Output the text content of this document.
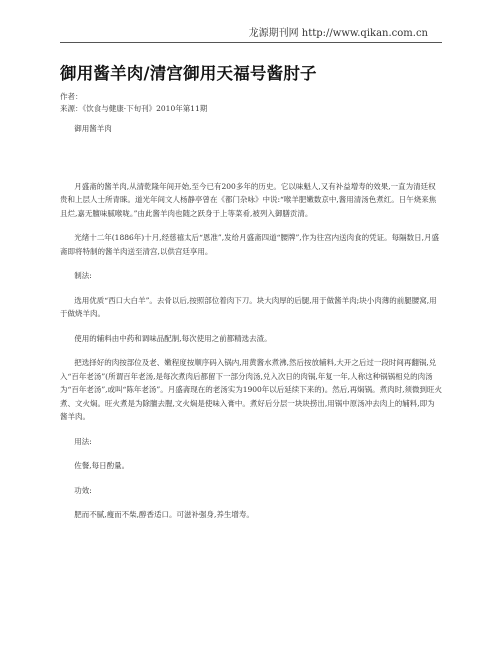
龙源期刊网 http://www.qikan.com.cn
御用酱羊肉/清宫御用天福号酱肘子
作者：
来源：《饮食与健康·下旬刊》2010年第11期

御用酱羊肉

月盛斋的酱羊肉,从清乾隆年间开始,至今已有200多年的历史。它以味魁人,又有补益增寿的效果,一直为清廷权贵和上层人士所青睐。道光年间文人杨静亭曾在《都门杂咏》中说:“喉羊肥嫩数京中,酱用清汤色煮红。日午烧来焦且烂,嘉无膻味腻喉咙。”由此酱羊肉也随之跃身于上等菜肴,被列入御膳贡清。

光绪十二年(1886年)十月,经慈禧太后“恩准”,发给月盛斋四道“腰牌”,作为往宫内送肉食的凭证。每隔数日,月盛斋即将特制的酱羊肉送至清宫,以供宫廷享用。

制法:

选用优质“西口大白羊”。去骨以后,按照部位着肉下刀。块大肉厚的后腿,用于做酱羊肉;块小肉薄的前腿腰窝,用于做烧羊肉。

使用的辅料由中药和调味品配制,每次使用之前都精选去渣。

把选择好的肉按部位及老、嫩程度按顺序码入锅内,用黄酱水煮沸,然后按放辅料,大开之后过一段时间再翻锅,兑入“百年老汤”(所谓百年老汤,是每次煮肉后都留下一部分肉汤,兑入次日的肉锅,年复一年,人称这种锅锅相兑的肉汤为“百年老汤”,或叫“陈年老汤”。月盛斋现在的老汤实为1900年以后延续下来的)。然后,再焖锅。煮肉时,须微到旺火煮、文火焖。旺火煮是为除膻去腥,文火焖是使味入膏中。煮好后分层一块块捞出,用锅中原汤冲去肉上的辅料,即为酱羊肉。

用法:

佐餐,每日酌量。

功效:

肥而不腻,瘦而不柴,醇香适口。可滋补强身,养生增寿。
